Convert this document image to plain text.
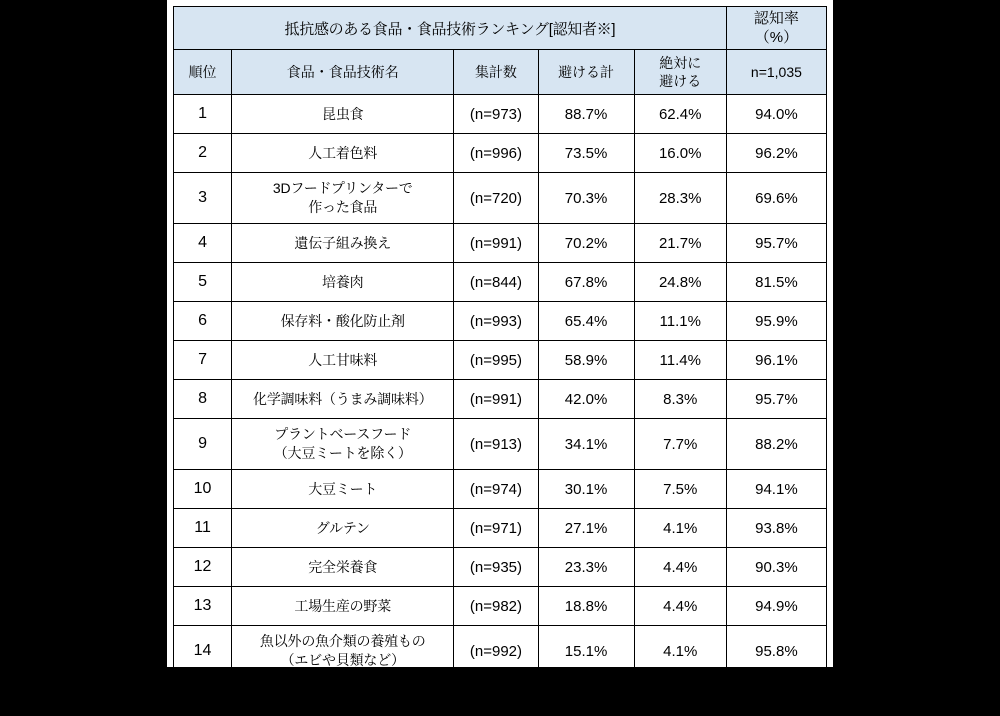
抵抗感のある食品・食品技術ランキング[認知者※]					認知率
（%）
順位	食品・食品技術名	集計数	避ける計	絶対に
避ける	n=1,035
1	昆虫食	(n=973)	88.7%	62.4%	94.0%
2	人工着色料	(n=996)	73.5%	16.0%	96.2%
3	3Dフードプリンターで
作った食品	(n=720)	70.3%	28.3%	69.6%
4	遺伝子組み換え	(n=991)	70.2%	21.7%	95.7%
5	培養肉	(n=844)	67.8%	24.8%	81.5%
6	保存料・酸化防止剤	(n=993)	65.4%	11.1%	95.9%
7	人工甘味料	(n=995)	58.9%	11.4%	96.1%
8	化学調味料（うまみ調味料）	(n=991)	42.0%	8.3%	95.7%
9	プラントベースフード
（大豆ミートを除く）	(n=913)	34.1%	7.7%	88.2%
10	大豆ミート	(n=974)	30.1%	7.5%	94.1%
11	グルテン	(n=971)	27.1%	4.1%	93.8%
12	完全栄養食	(n=935)	23.3%	4.4%	90.3%
13	工場生産の野菜	(n=982)	18.8%	4.4%	94.9%
14	魚以外の魚介類の養殖もの
（エビや貝類など）	(n=992)	15.1%	4.1%	95.8%
15	魚の養殖もの	(n=997)	13.1%	3.8%	96.3%
